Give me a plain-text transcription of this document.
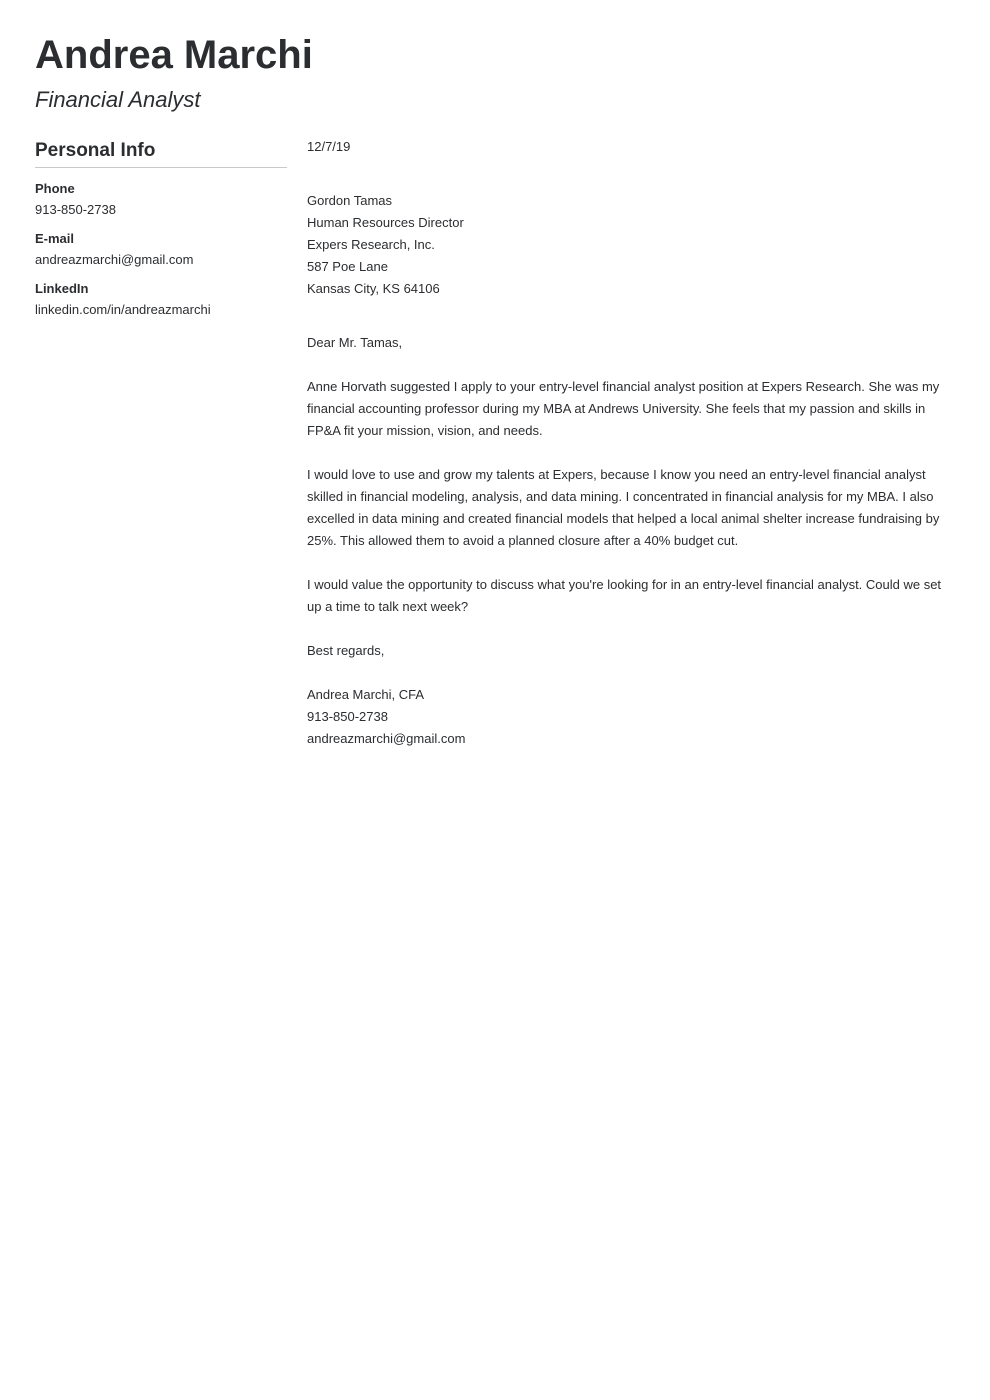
Andrea Marchi
Financial Analyst
Personal Info
Phone
913-850-2738
E-mail
andreazmarchi@gmail.com
LinkedIn
linkedin.com/in/andreazmarchi

12/7/19

Gordon Tamas

Human Resources Director

Expers Research, Inc.

587 Poe Lane

Kansas City, KS 64106

Dear Mr. Tamas,

Anne Horvath suggested I apply to your entry-level financial analyst position at Expers Research. She was my financial accounting professor during my MBA at Andrews University. She feels that my passion and skills in FP&A fit your mission, vision, and needs.

I would love to use and grow my talents at Expers, because I know you need an entry-level financial analyst skilled in financial modeling, analysis, and data mining. I concentrated in financial analysis for my MBA. I also excelled in data mining and created financial models that helped a local animal shelter increase fundraising by 25%. This allowed them to avoid a planned closure after a 40% budget cut.

I would value the opportunity to discuss what you're looking for in an entry-level financial analyst. Could we set up a time to talk next week?

Best regards,

Andrea Marchi, CFA

913-850-2738

andreazmarchi@gmail.com
